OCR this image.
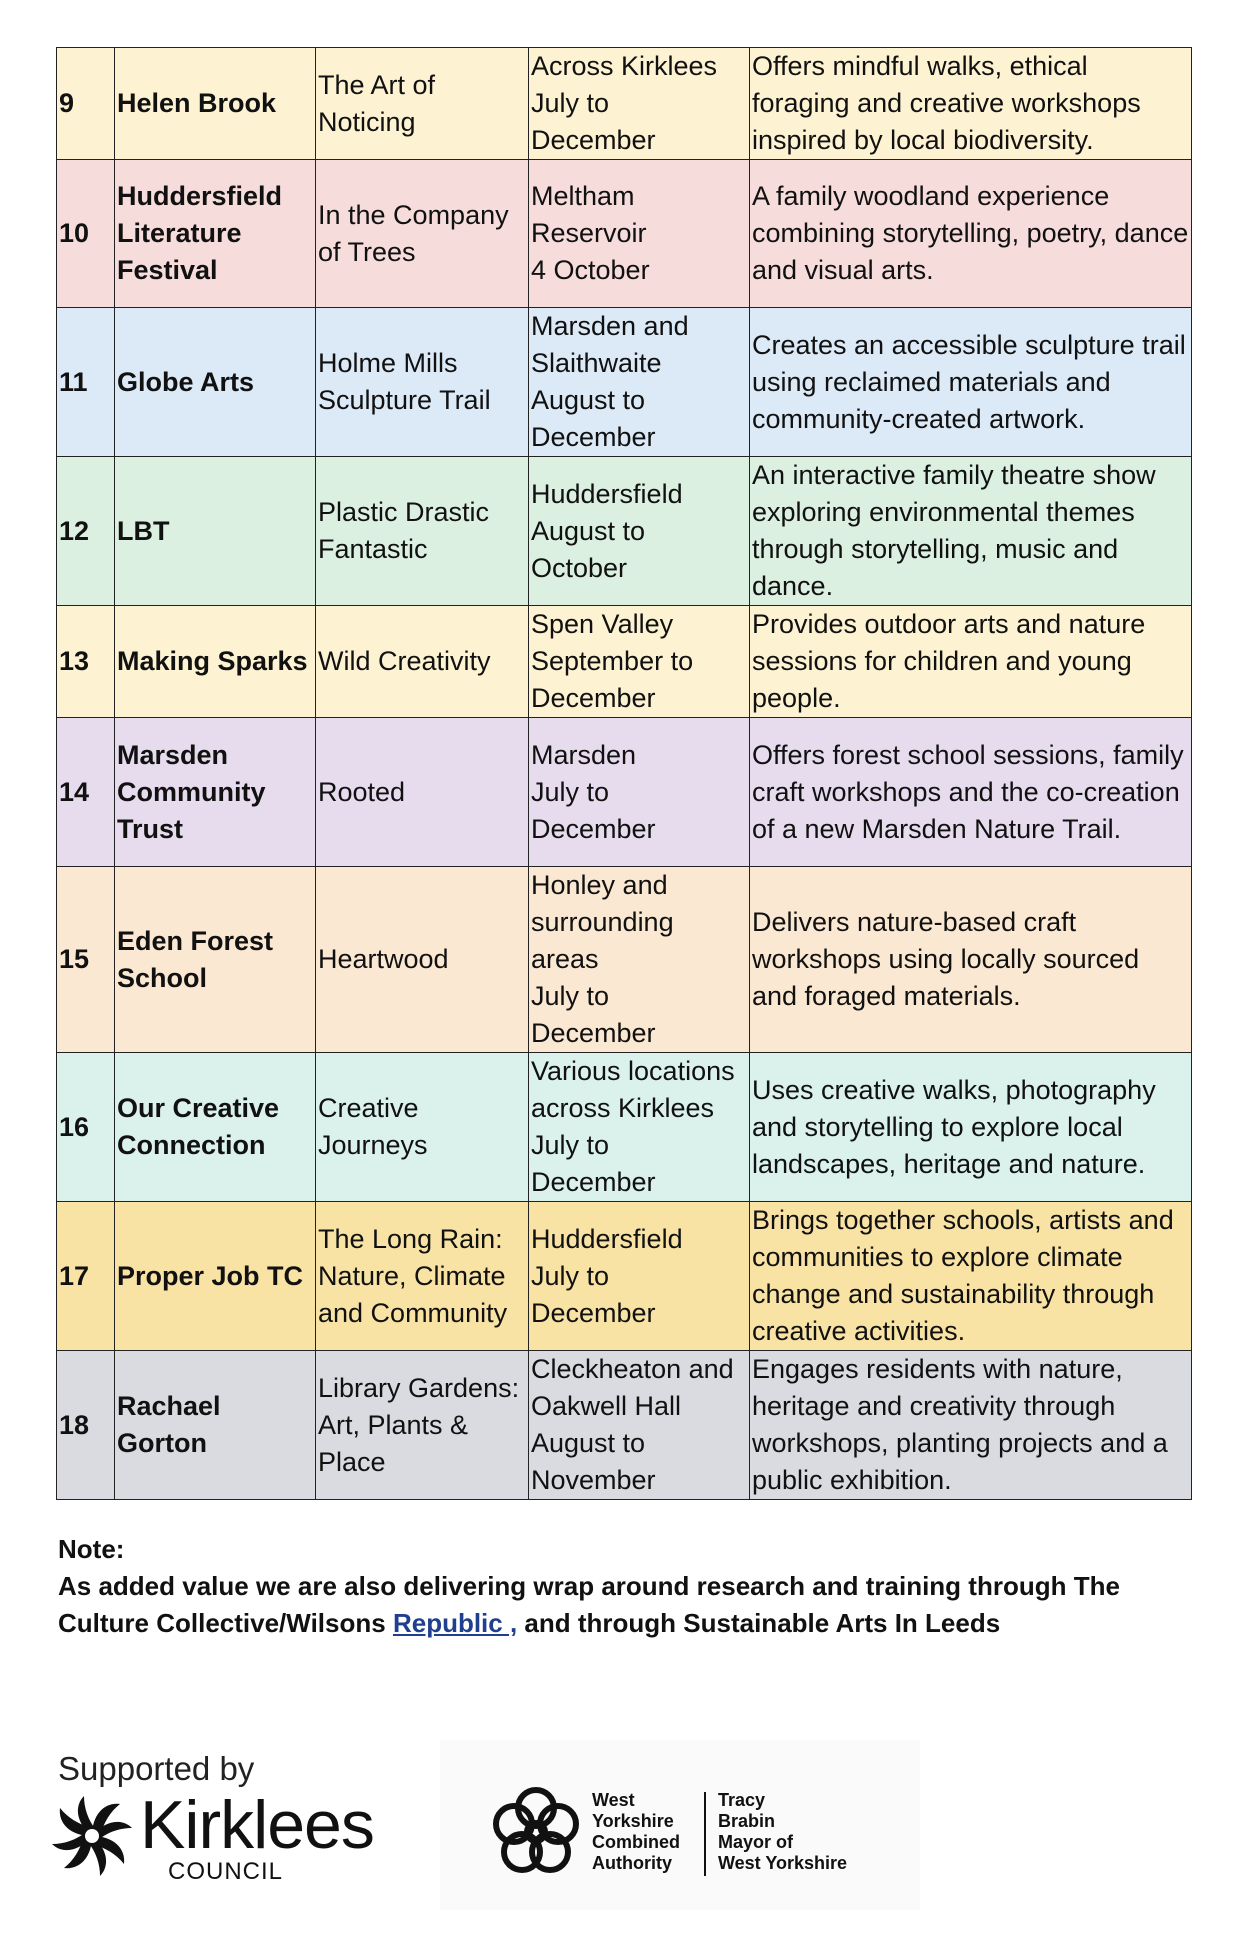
9	Helen Brook	The Art of Noticing	Across Kirklees
July to
December	Offers mindful walks, ethical foraging and creative workshops inspired by local biodiversity.
10	Huddersfield Literature Festival	In the Company of Trees	Meltham
Reservoir
4 October	A family woodland experience combining storytelling, poetry, dance and visual arts.
11	Globe Arts	Holme Mills Sculpture Trail	Marsden and
Slaithwaite
August to
December	Creates an accessible sculpture trail using reclaimed materials and community-created artwork.
12	LBT	Plastic Drastic Fantastic	Huddersfield
August to
October	An interactive family theatre show exploring environmental themes through storytelling, music and dance.
13	Making Sparks	Wild Creativity	Spen Valley
September to
December	Provides outdoor arts and nature sessions for children and young people.
14	Marsden Community Trust	Rooted	Marsden
July to
December	Offers forest school sessions, family craft workshops and the co-creation of a new Marsden Nature Trail.
15	Eden Forest School	Heartwood	Honley and
surrounding
areas
July to
December	Delivers nature-based craft workshops using locally sourced and foraged materials.
16	Our Creative Connection	Creative Journeys	Various locations
across Kirklees
July to
December	Uses creative walks, photography and storytelling to explore local landscapes, heritage and nature.
17	Proper Job TC	The Long Rain: Nature, Climate and Community	Huddersfield
July to
December	Brings together schools, artists and communities to explore climate change and sustainability through creative activities.
18	Rachael Gorton	Library Gardens: Art, Plants & Place	Cleckheaton and
Oakwell Hall
August to
November	Engages residents with nature, heritage and creativity through workshops, planting projects and a public exhibition.
Note:
As added value we are also delivering wrap around research and training through The Culture Collective/Wilsons Republic , and through Sustainable Arts In Leeds
Supported by
Kirklees
COUNCIL
West
Yorkshire
Combined
Authority
Tracy
Brabin
Mayor of
West Yorkshire
